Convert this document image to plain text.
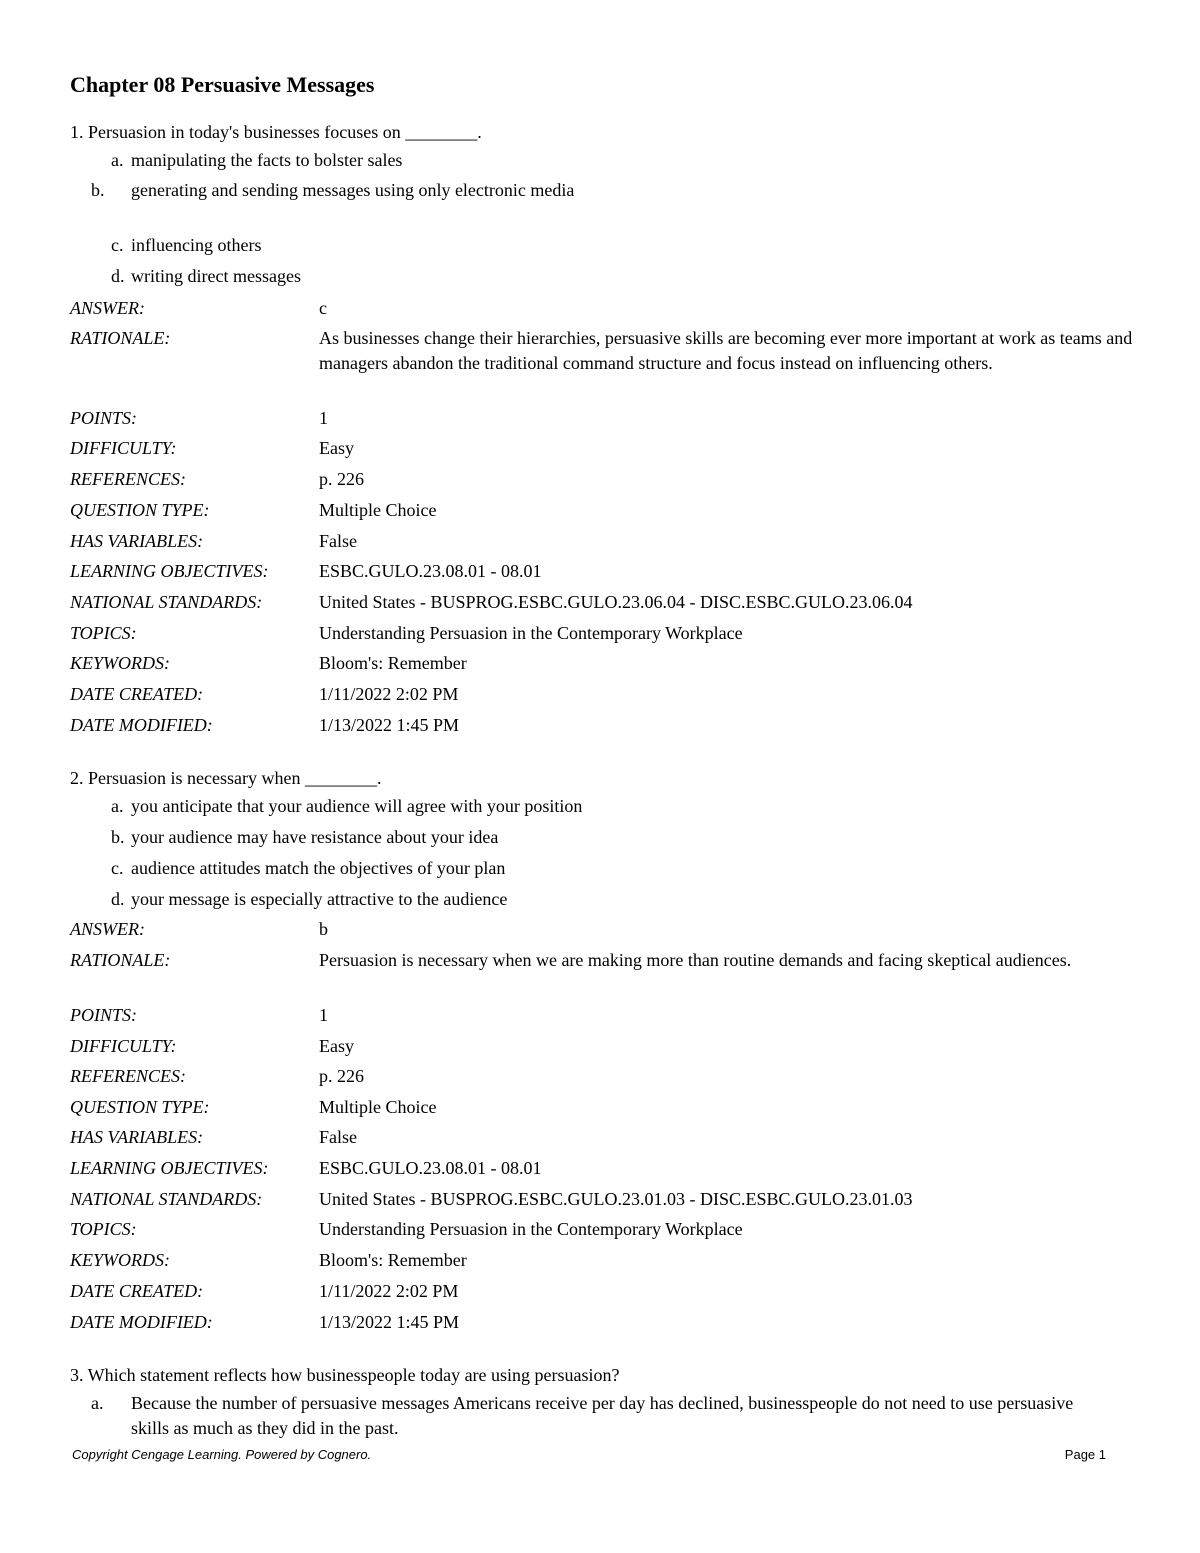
Chapter 08 Persuasive Messages
1. Persuasion in today's businesses focuses on ________.
a. manipulating the facts to bolster sales
b. generating and sending messages using only electronic media
c. influencing others
d. writing direct messages
ANSWER:	c
RATIONALE:	As businesses change their hierarchies, persuasive skills are becoming ever more important at work as teams and managers abandon the traditional command structure and focus instead on influencing others.
POINTS:	1
DIFFICULTY:	Easy
REFERENCES:	p. 226
QUESTION TYPE:	Multiple Choice
HAS VARIABLES:	False
LEARNING OBJECTIVES:	ESBC.GULO.23.08.01 - 08.01
NATIONAL STANDARDS:	United States - BUSPROG.ESBC.GULO.23.06.04 - DISC.ESBC.GULO.23.06.04
TOPICS:	Understanding Persuasion in the Contemporary Workplace
KEYWORDS:	Bloom's: Remember
DATE CREATED:	1/11/2022 2:02 PM
DATE MODIFIED:	1/13/2022 1:45 PM
2. Persuasion is necessary when ________.
a. you anticipate that your audience will agree with your position
b. your audience may have resistance about your idea
c. audience attitudes match the objectives of your plan
d. your message is especially attractive to the audience
ANSWER:	b
RATIONALE:	Persuasion is necessary when we are making more than routine demands and facing skeptical audiences.
POINTS:	1
DIFFICULTY:	Easy
REFERENCES:	p. 226
QUESTION TYPE:	Multiple Choice
HAS VARIABLES:	False
LEARNING OBJECTIVES:	ESBC.GULO.23.08.01 - 08.01
NATIONAL STANDARDS:	United States - BUSPROG.ESBC.GULO.23.01.03 - DISC.ESBC.GULO.23.01.03
TOPICS:	Understanding Persuasion in the Contemporary Workplace
KEYWORDS:	Bloom's: Remember
DATE CREATED:	1/11/2022 2:02 PM
DATE MODIFIED:	1/13/2022 1:45 PM
3. Which statement reflects how businesspeople today are using persuasion?
a. Because the number of persuasive messages Americans receive per day has declined, businesspeople do not need to use persuasive skills as much as they did in the past.
Copyright Cengage Learning. Powered by Cognero.	Page 1
